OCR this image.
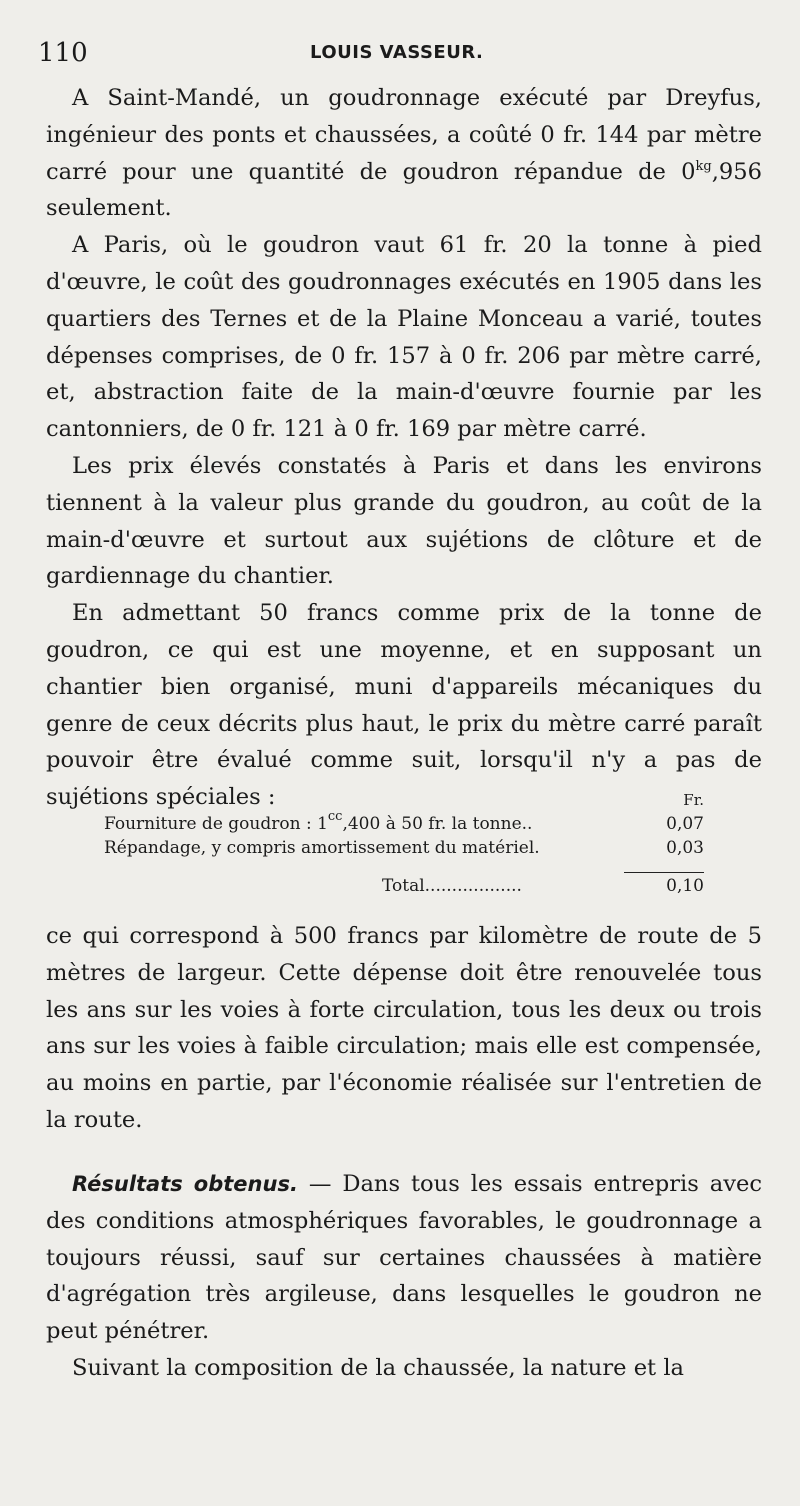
110	LOUIS VASSEUR.

A Saint-Mandé, un goudronnage exécuté par Dreyfus, ingénieur des ponts et chaussées, a coûté 0 fr. 144 par mètre carré pour une quantité de goudron répandue de $0^{kg},956$ seulement.

A Paris, où le goudron vaut 61 fr. 20 la tonne à pied d'œuvre, le coût des goudronnages exécutés en 1905 dans les quartiers des Ternes et de la Plaine Monceau a varié, toutes dépenses comprises, de 0 fr. 157 à 0 fr. 206 par mètre carré, et, abstraction faite de la main-d'œuvre fournie par les cantonniers, de 0 fr. 121 à 0 fr. 169 par mètre carré.

Les prix élevés constatés à Paris et dans les environs tiennent à la valeur plus grande du goudron, au coût de la main-d'œuvre et surtout aux sujétions de clôture et de gardiennage du chantier.

En admettant 50 francs comme prix de la tonne de goudron, ce qui est une moyenne, et en supposant un chantier bien organisé, muni d'appareils mécaniques du genre de ceux décrits plus haut, le prix du mètre carré paraît pouvoir être évalué comme suit, lorsqu'il n'y a pas de sujétions spéciales :	Fr.
Fourniture de goudron : $1^{cc},400$ à 50 fr. la tonne..	0,07
Répandage, y compris amortissement du matériel.	0,03
Total..................	0,10

ce qui correspond à 500 francs par kilomètre de route de 5 mètres de largeur. Cette dépense doit être renouvelée tous les ans sur les voies à forte circulation, tous les deux ou trois ans sur les voies à faible circulation; mais elle est compensée, au moins en partie, par l'économie réalisée sur l'entretien de la route.

Résultats obtenus. — Dans tous les essais entrepris avec des conditions atmosphériques favorables, le goudronnage a toujours réussi, sauf sur certaines chaussées à matière d'agrégation très argileuse, dans lesquelles le goudron ne peut pénétrer.

Suivant la composition de la chaussée, la nature et la
